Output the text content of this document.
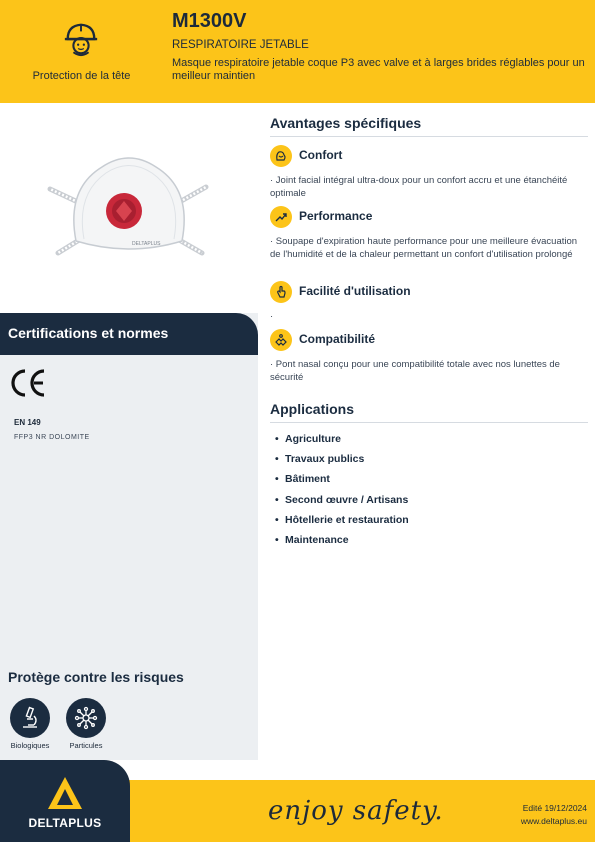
Protection de la tête
M1300V
RESPIRATOIRE JETABLE
Masque respiratoire jetable coque P3 avec valve et à larges brides réglables pour un meilleur maintien
DELTAPLUS
Certifications et normes
CE
EN 149
FFP3 NR DOLOMITE
Protège contre les risques
Biologiques	Particules
Avantages spécifiques
Confort
· Joint facial intégral ultra-doux pour un confort accru et une étanchéité optimale
Performance
· Soupape d'expiration haute performance pour une meilleure évacuation de l'humidité et de la chaleur permettant un confort d'utilisation prolongé
Facilité d'utilisation
·
Compatibilité
· Pont nasal conçu pour une compatibilité totale avec nos lunettes de sécurité
Applications
• Agriculture
• Travaux publics
• Bâtiment
• Second œuvre / Artisans
• Hôtellerie et restauration
• Maintenance
DELTAPLUS	enjoy safety.	Edité 19/12/2024
www.deltaplus.eu
